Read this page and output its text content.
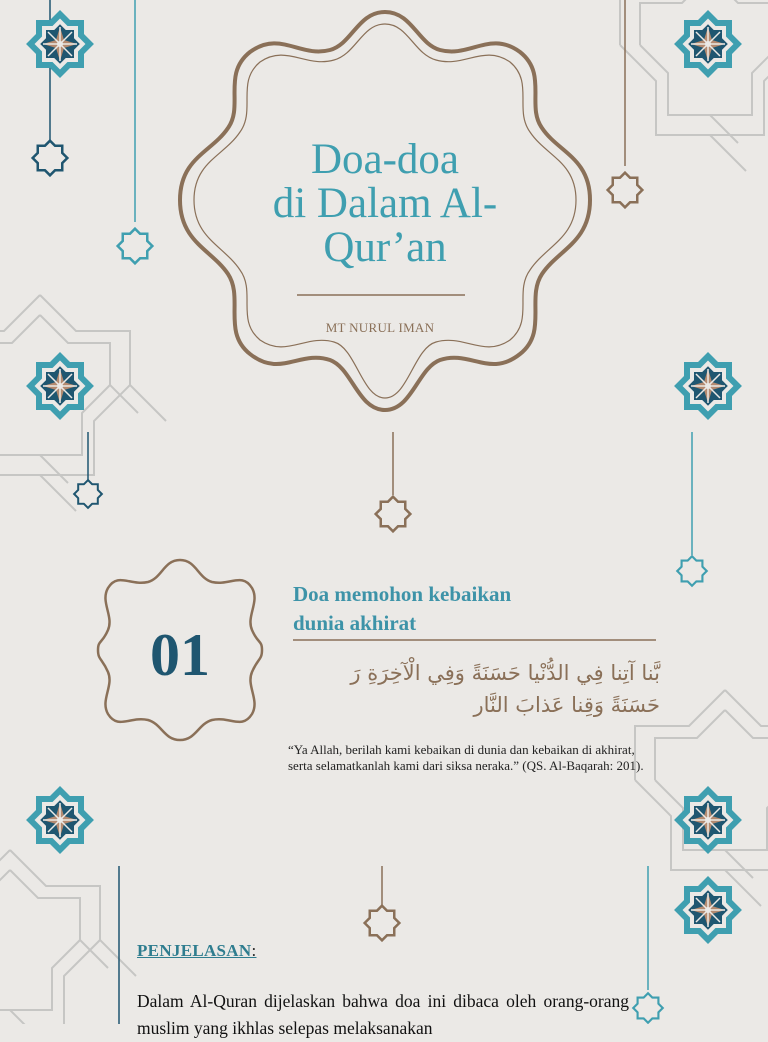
Doa-doa
di Dalam Al-
Qur’an
MT NURUL IMAN
01
Doa memohon kebaikan
dunia akhirat
بَّنا آتِنا فِي الدُّنْيا حَسَنَةً وَفِي الْآخِرَةِ رَ
حَسَنَةً وَقِنا عَذابَ النَّار
“Ya Allah, berilah kami kebaikan di dunia dan kebaikan di akhirat, serta selamatkanlah kami dari siksa neraka.” (QS. Al-Baqarah: 201).
PENJELASAN:
Dalam Al-Quran dijelaskan bahwa doa ini dibaca oleh orang-orang muslim yang ikhlas selepas melaksanakan
